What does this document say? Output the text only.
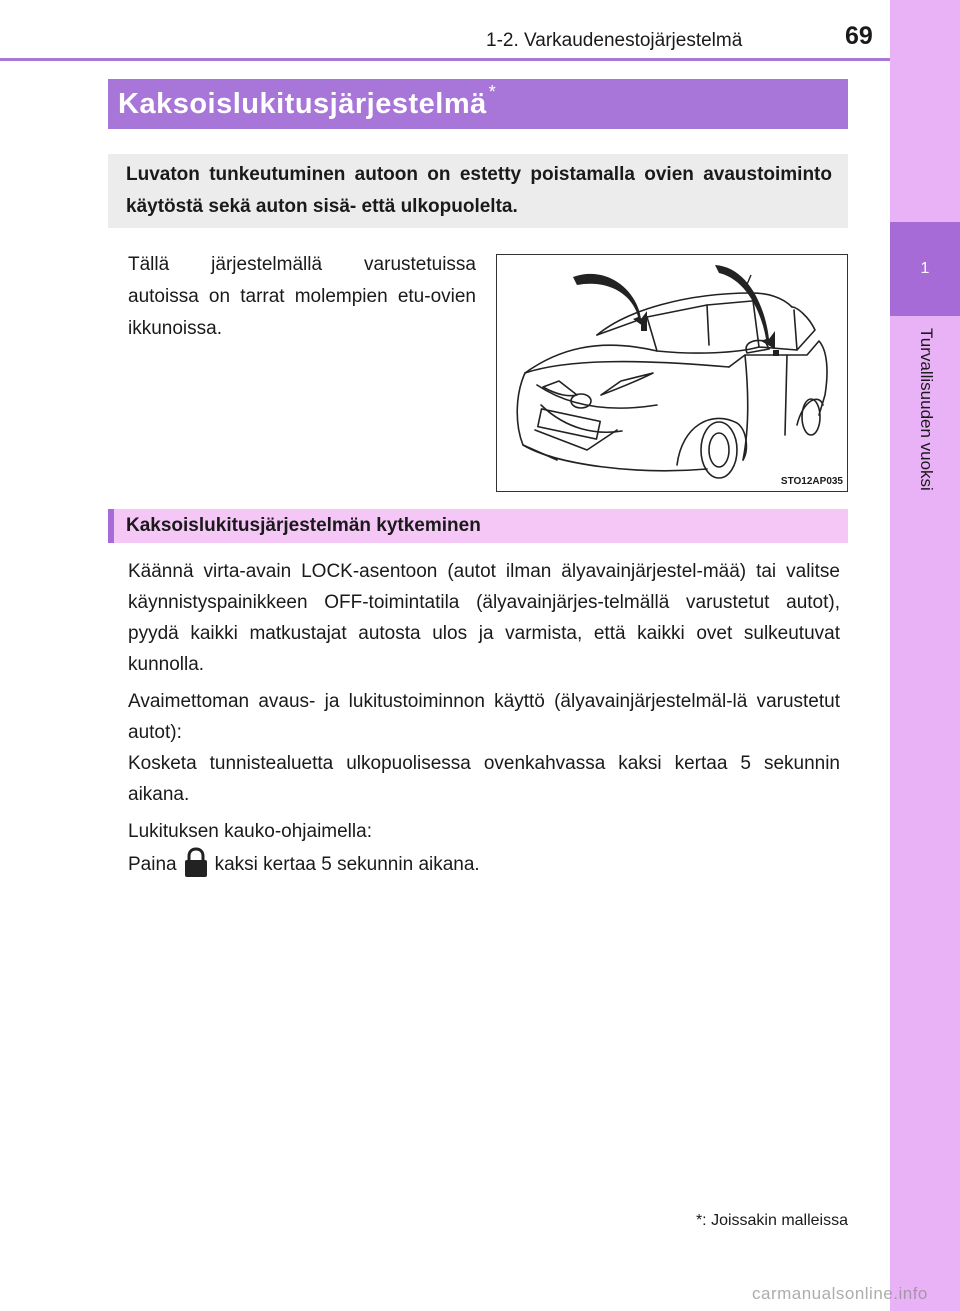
1-2. Varkaudenestojärjestelmä	69
1
Turvallisuuden vuoksi
Kaksoislukitusjärjestelmä *

Luvaton tunkeutuminen autoon on estetty poistamalla ovien avaustoiminto käytöstä sekä auton sisä- että ulkopuolelta.

Tällä järjestelmällä varustetuissa autoissa on tarrat molempien etu-ovien ikkunoissa.

STO12AP035
Kaksoislukitusjärjestelmän kytkeminen

Käännä virta-avain LOCK-asentoon (autot ilman älyavainjärjestel-mää) tai valitse käynnistyspainikkeen OFF-toimintatila (älyavainjärjes-telmällä varustetut autot), pyydä kaikki matkustajat autosta ulos ja varmista, että kaikki ovet sulkeutuvat kunnolla.

Avaimettoman avaus- ja lukitustoiminnon käyttö (älyavainjärjestelmäl-lä varustetut autot):
Kosketa tunnistealuetta ulkopuolisessa ovenkahvassa kaksi kertaa 5 sekunnin aikana.

Lukituksen kauko-ohjaimella:
Paina kaksi kertaa 5 sekunnin aikana.

*: Joissakin malleissa
carmanualsonline.info
